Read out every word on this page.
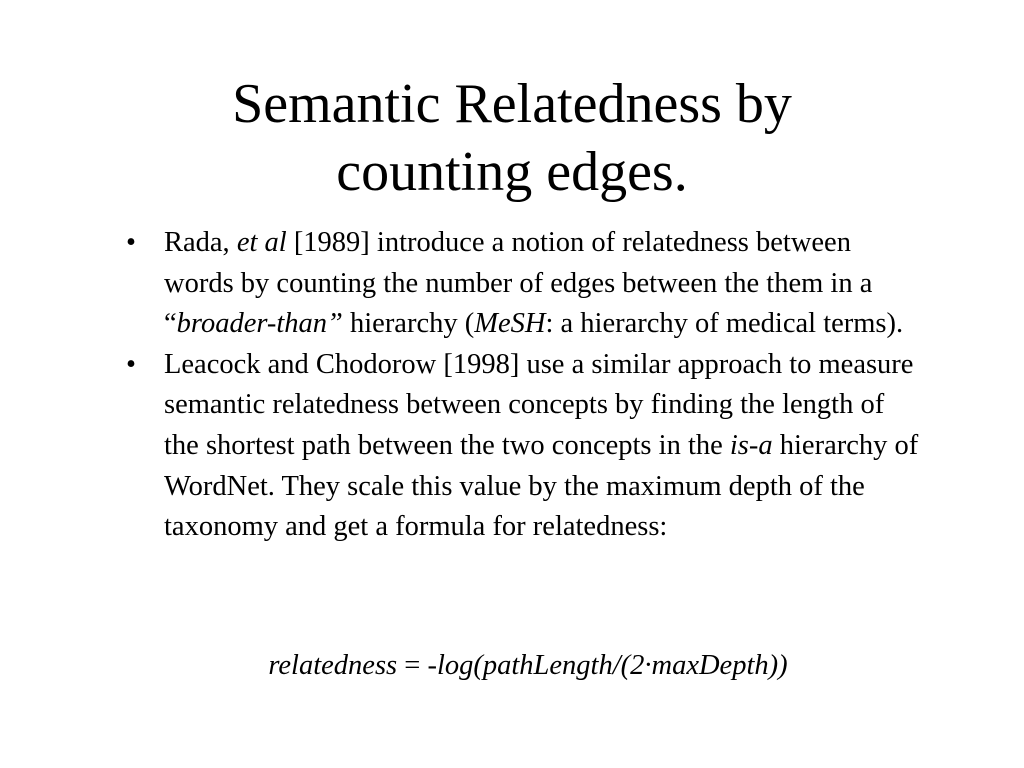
Semantic Relatedness by
counting edges.
• Rada, et al [1989] introduce a notion of relatedness between words by counting the number of edges between the them in a “broader-than” hierarchy (MeSH: a hierarchy of medical terms).
• Leacock and Chodorow [1998] use a similar approach to measure semantic relatedness between concepts by finding the length of the shortest path between the two concepts in the is-a hierarchy of WordNet. They scale this value by the maximum depth of the taxonomy and get a formula for relatedness:
relatedness = -log(pathLength/(2·maxDepth))
